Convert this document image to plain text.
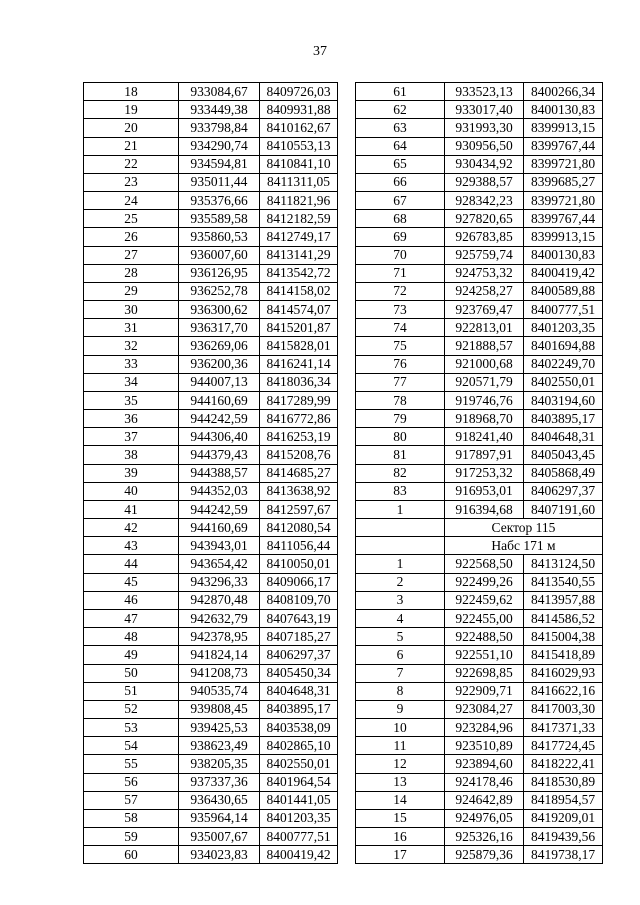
37
18	933084,67	8409726,03
19	933449,38	8409931,88
20	933798,84	8410162,67
21	934290,74	8410553,13
22	934594,81	8410841,10
23	935011,44	8411311,05
24	935376,66	8411821,96
25	935589,58	8412182,59
26	935860,53	8412749,17
27	936007,60	8413141,29
28	936126,95	8413542,72
29	936252,78	8414158,02
30	936300,62	8414574,07
31	936317,70	8415201,87
32	936269,06	8415828,01
33	936200,36	8416241,14
34	944007,13	8418036,34
35	944160,69	8417289,99
36	944242,59	8416772,86
37	944306,40	8416253,19
38	944379,43	8415208,76
39	944388,57	8414685,27
40	944352,03	8413638,92
41	944242,59	8412597,67
42	944160,69	8412080,54
43	943943,01	8411056,44
44	943654,42	8410050,01
45	943296,33	8409066,17
46	942870,48	8408109,70
47	942632,79	8407643,19
48	942378,95	8407185,27
49	941824,14	8406297,37
50	941208,73	8405450,34
51	940535,74	8404648,31
52	939808,45	8403895,17
53	939425,53	8403538,09
54	938623,49	8402865,10
55	938205,35	8402550,01
56	937337,36	8401964,54
57	936430,65	8401441,05
58	935964,14	8401203,35
59	935007,67	8400777,51
60	934023,83	8400419,42
61	933523,13	8400266,34
62	933017,40	8400130,83
63	931993,30	8399913,15
64	930956,50	8399767,44
65	930434,92	8399721,80
66	929388,57	8399685,27
67	928342,23	8399721,80
68	927820,65	8399767,44
69	926783,85	8399913,15
70	925759,74	8400130,83
71	924753,32	8400419,42
72	924258,27	8400589,88
73	923769,47	8400777,51
74	922813,01	8401203,35
75	921888,57	8401694,88
76	921000,68	8402249,70
77	920571,79	8402550,01
78	919746,76	8403194,60
79	918968,70	8403895,17
80	918241,40	8404648,31
81	917897,91	8405043,45
82	917253,32	8405868,49
83	916953,01	8406297,37
1	916394,68	8407191,60
	Сектор 115	
	Набс 171 м	
1	922568,50	8413124,50
2	922499,26	8413540,55
3	922459,62	8413957,88
4	922455,00	8414586,52
5	922488,50	8415004,38
6	922551,10	8415418,89
7	922698,85	8416029,93
8	922909,71	8416622,16
9	923084,27	8417003,30
10	923284,96	8417371,33
11	923510,89	8417724,45
12	923894,60	8418222,41
13	924178,46	8418530,89
14	924642,89	8418954,57
15	924976,05	8419209,01
16	925326,16	8419439,56
17	925879,36	8419738,17
